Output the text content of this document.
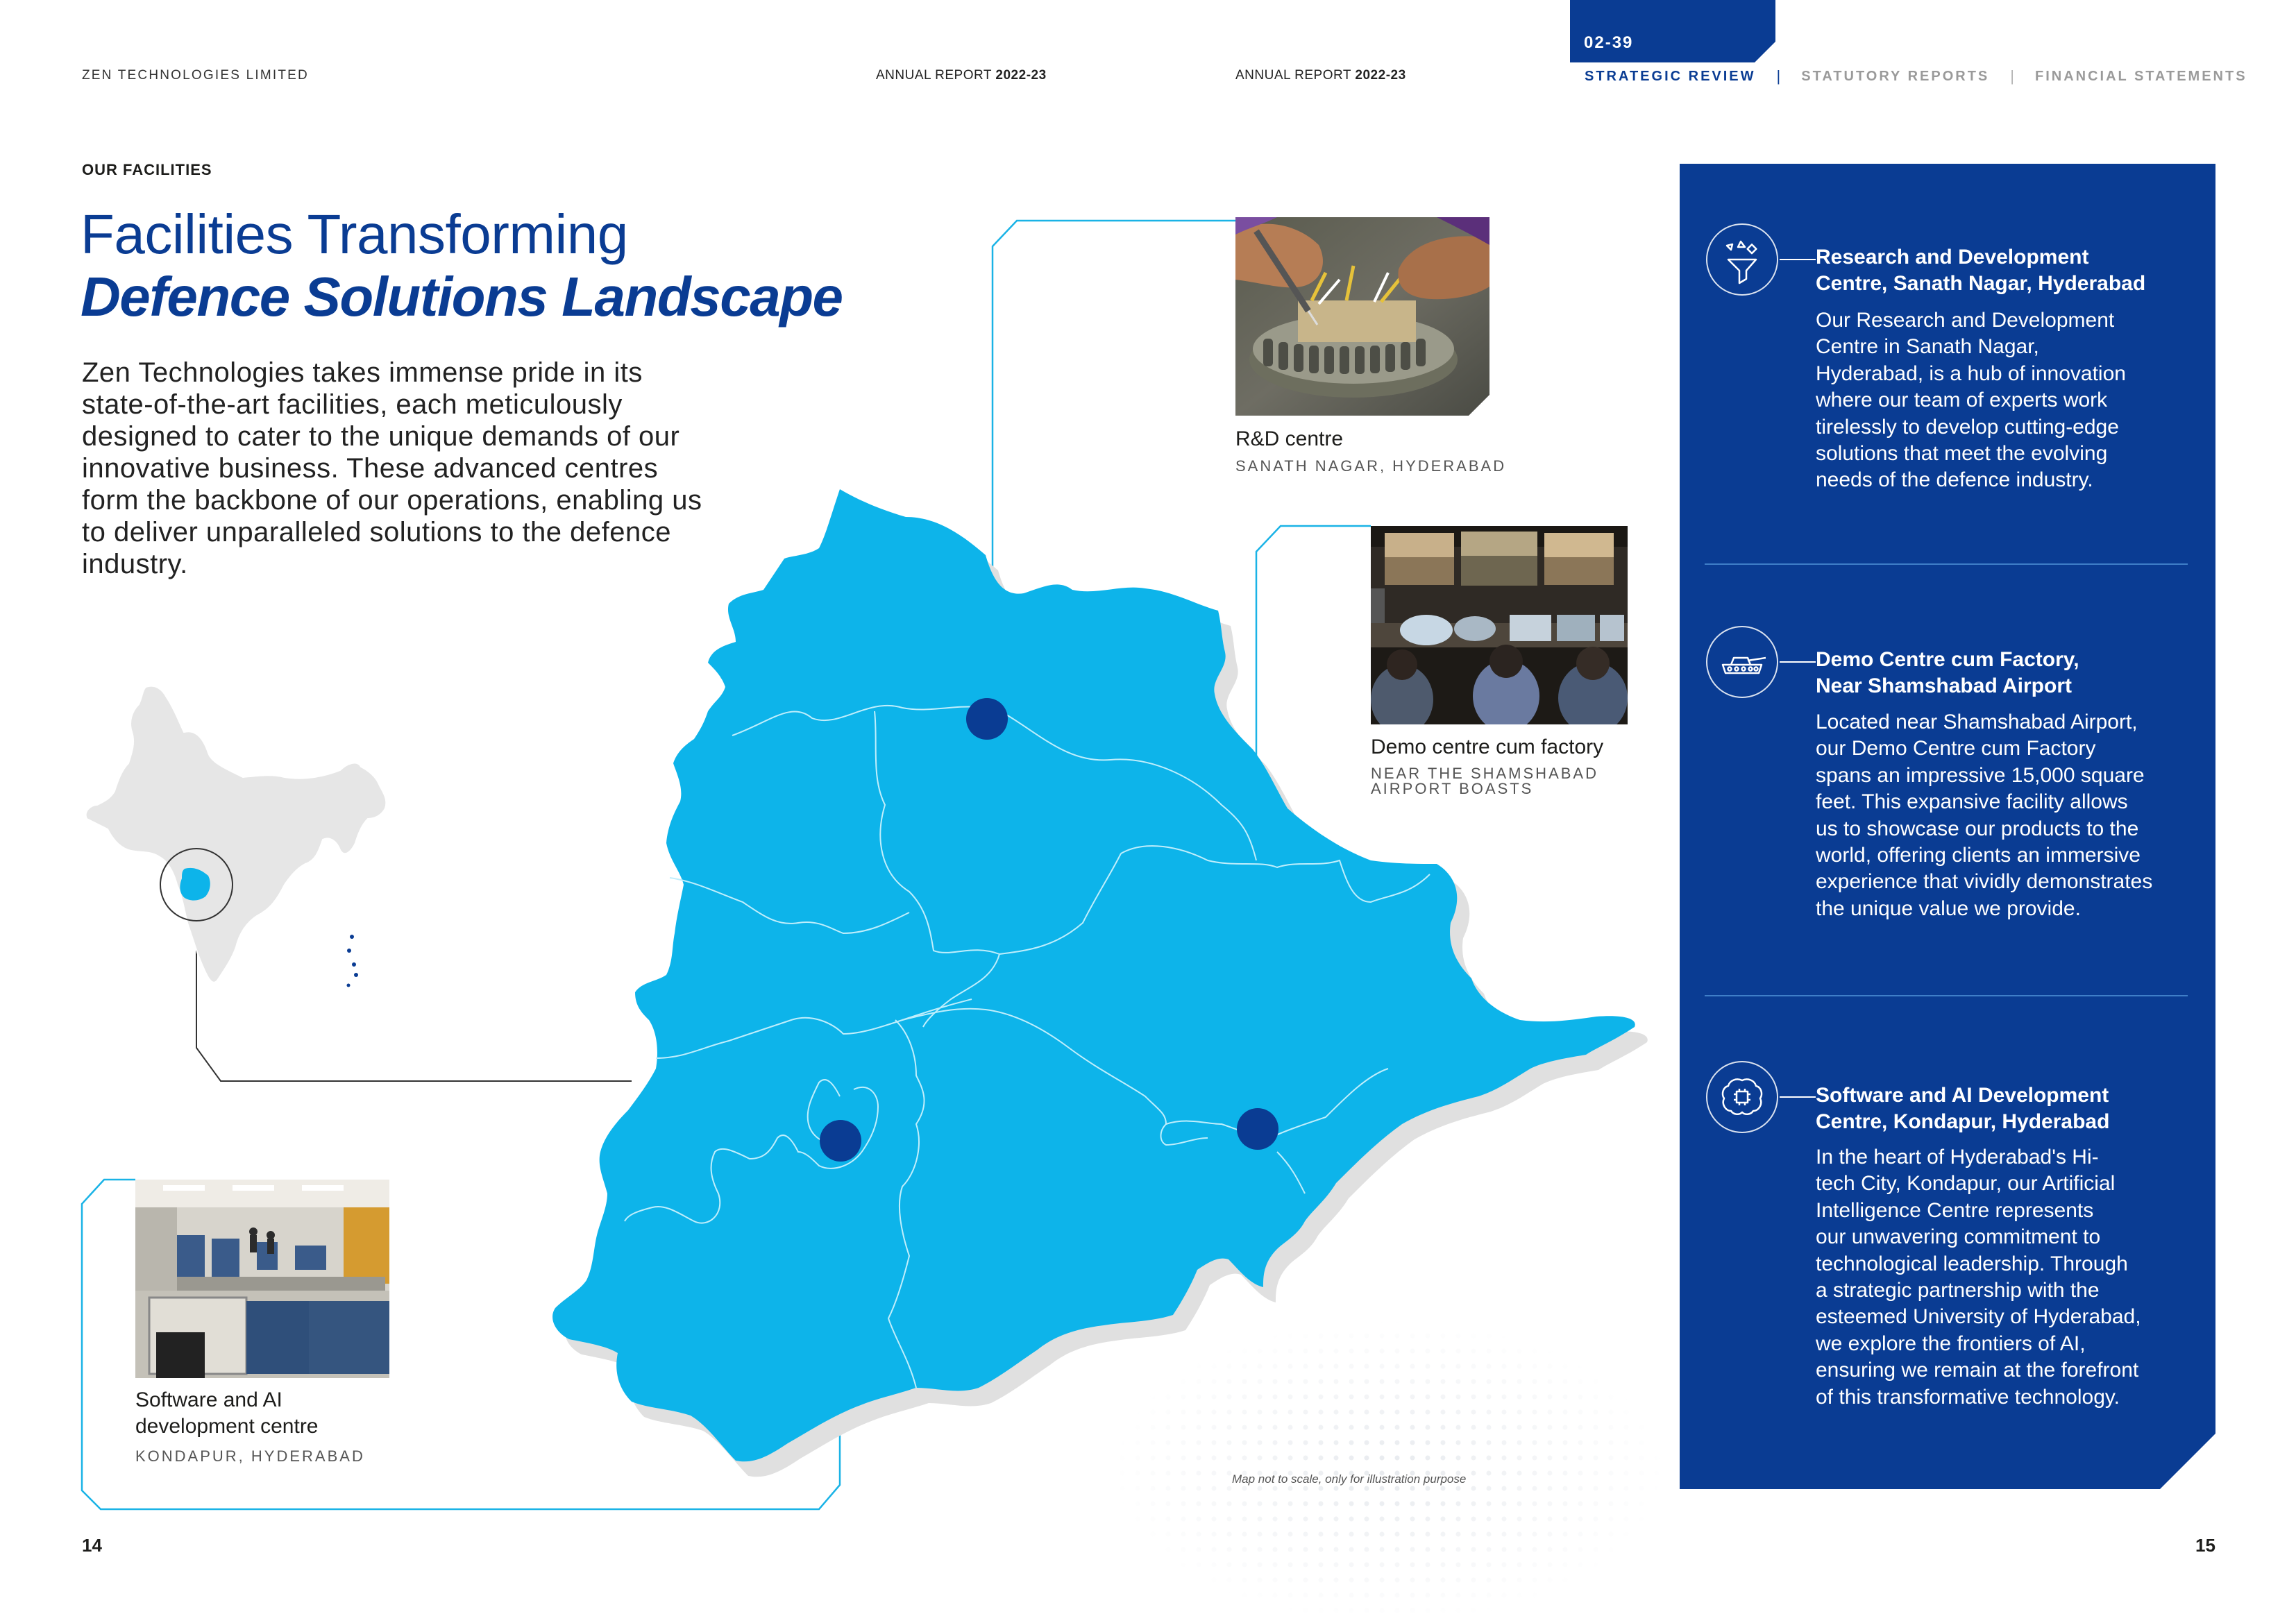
ZEN TECHNOLOGIES LIMITED	ANNUAL REPORT 2022-23	ANNUAL REPORT 2022-23
02-39
STRATEGIC REVIEW | STATUTORY REPORTS | FINANCIAL STATEMENTS
OUR FACILITIES
Facilities Transforming
Defence Solutions Landscape
Zen Technologies takes immense pride in its state-of-the-art facilities, each meticulously designed to cater to the unique demands of our innovative business. These advanced centres form the backbone of our operations, enabling us to deliver unparalleled solutions to the defence industry.
R&D centre
SANATH NAGAR, HYDERABAD
Demo centre cum factory
NEAR THE SHAMSHABAD
AIRPORT BOASTS
Software and AI
development centre
KONDAPUR, HYDERABAD
Map not to scale, only for illustration purpose
Research and Development
Centre, Sanath Nagar, Hyderabad
Our Research and Development
Centre in Sanath Nagar,
Hyderabad, is a hub of innovation
where our team of experts work
tirelessly to develop cutting-edge
solutions that meet the evolving
needs of the defence industry.
Demo Centre cum Factory,
Near Shamshabad Airport
Located near Shamshabad Airport,
our Demo Centre cum Factory
spans an impressive 15,000 square
feet. This expansive facility allows
us to showcase our products to the
world, offering clients an immersive
experience that vividly demonstrates
the unique value we provide.
Software and AI Development
Centre, Kondapur, Hyderabad
In the heart of Hyderabad's Hi-
tech City, Kondapur, our Artificial
Intelligence Centre represents
our unwavering commitment to
technological leadership. Through
a strategic partnership with the
esteemed University of Hyderabad,
we explore the frontiers of AI,
ensuring we remain at the forefront
of this transformative technology.
14	15
